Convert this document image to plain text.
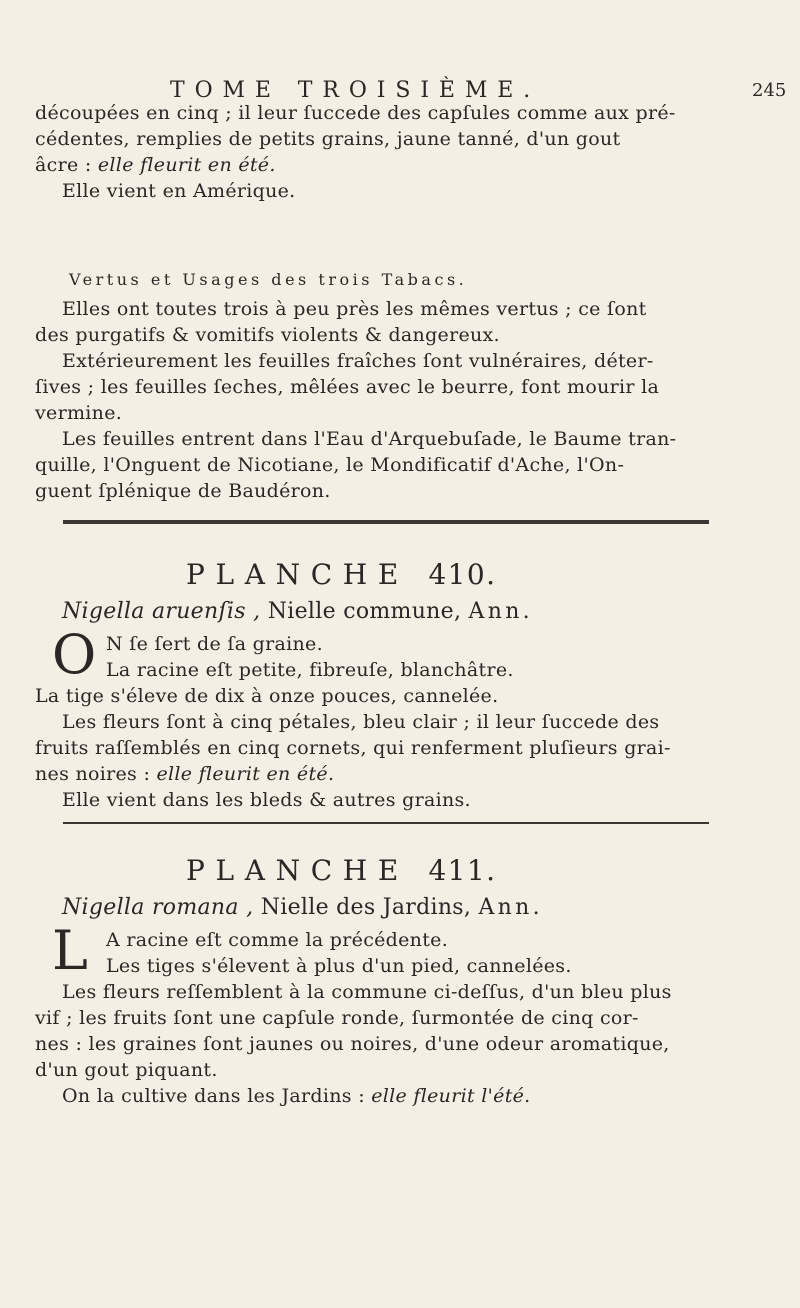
TOME TROISIÈME.	245

découpées en cinq ; il leur ſuccede des capſules comme aux pré-

cédentes, remplies de petits grains, jaune tanné, d'un gout

âcre : elle fleurit en été.

Elle vient en Amérique.

Vertus et Usages des trois Tabacs.

Elles ont toutes trois à peu près les mêmes vertus ; ce ſont

des purgatifs & vomitifs violents & dangereux.

Extérieurement les feuilles fraîches ſont vulnéraires, déter-

ſives ; les feuilles ſeches, mêlées avec le beurre, font mourir la

vermine.

Les feuilles entrent dans l'Eau d'Arquebuſade, le Baume tran-

quille, l'Onguent de Nicotiane, le Mondificatif d'Ache, l'On-

guent ſplénique de Baudéron.

PLANCHE 410.

Nigella aruenſis , Nielle commune, Ann.

O N ſe ſert de ſa graine.

La racine eſt petite, fibreuſe, blanchâtre.

La tige s'éleve de dix à onze pouces, cannelée.

Les fleurs ſont à cinq pétales, bleu clair ; il leur ſuccede des

fruits raſſemblés en cinq cornets, qui renferment pluſieurs grai-

nes noires : elle fleurit en été.

Elle vient dans les bleds & autres grains.

PLANCHE 411.

Nigella romana , Nielle des Jardins, Ann.

L A racine eſt comme la précédente.

Les tiges s'élevent à plus d'un pied, cannelées.

Les fleurs reſſemblent à la commune ci-deſſus, d'un bleu plus

vif ; les fruits ſont une capſule ronde, ſurmontée de cinq cor-

nes : les graines ſont jaunes ou noires, d'une odeur aromatique,

d'un gout piquant.

On la cultive dans les Jardins : elle fleurit l'été.
